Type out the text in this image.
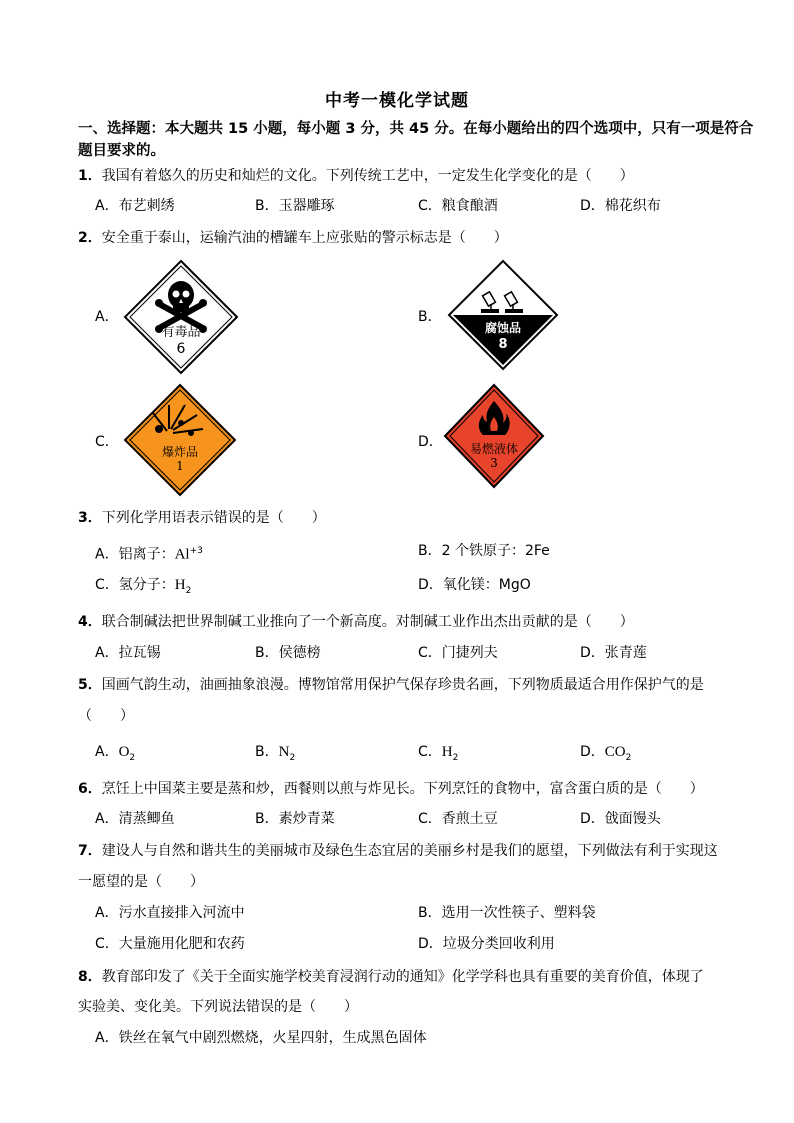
中考一模化学试题
一、选择题：本大题共 15 小题，每小题 3 分，共 45 分。在每小题给出的四个选项中，只有一项是符合题目要求的。
1．我国有着悠久的历史和灿烂的文化。下列传统工艺中，一定发生化学变化的是（　　）
A．布艺刺绣	B．玉器雕琢	C．粮食酿酒	D．棉花织布
2．安全重于泰山，运输汽油的槽罐车上应张贴的警示标志是（　　）
A．
有毒品
6
B．
腐蚀品
8
C．
爆炸品
1
D．	易燃液体
3
3．下列化学用语表示错误的是（　　）
A．铝离子：$Al^{+3}$	B．2 个铁原子：2Fe
C．氢分子：$H_2$	D．氧化镁：MgO
4．联合制碱法把世界制碱工业推向了一个新高度。对制碱工业作出杰出贡献的是（　　）
A．拉瓦锡	B．侯德榜	C．门捷列夫	D．张青莲
5．国画气韵生动，油画抽象浪漫。博物馆常用保护气保存珍贵名画，下列物质最适合用作保护气的是
（　　）
A．$O_2$	B．$N_2$	C．$H_2$	D．$CO_2$
6．烹饪上中国菜主要是蒸和炒，西餐则以煎与炸见长。下列烹饪的食物中，富含蛋白质的是（　　）
A．清蒸鲫鱼	B．素炒青菜	C．香煎土豆	D．戗面馒头
7．建设人与自然和谐共生的美丽城市及绿色生态宜居的美丽乡村是我们的愿望，下列做法有利于实现这
一愿望的是（　　）
A．污水直接排入河流中	B．选用一次性筷子、塑料袋
C．大量施用化肥和农药	D．垃圾分类回收利用
8．教育部印发了《关于全面实施学校美育浸润行动的通知》化学学科也具有重要的美育价值，体现了
实验美、变化美。下列说法错误的是（　　）
A．铁丝在氧气中剧烈燃烧，火星四射，生成黑色固体
